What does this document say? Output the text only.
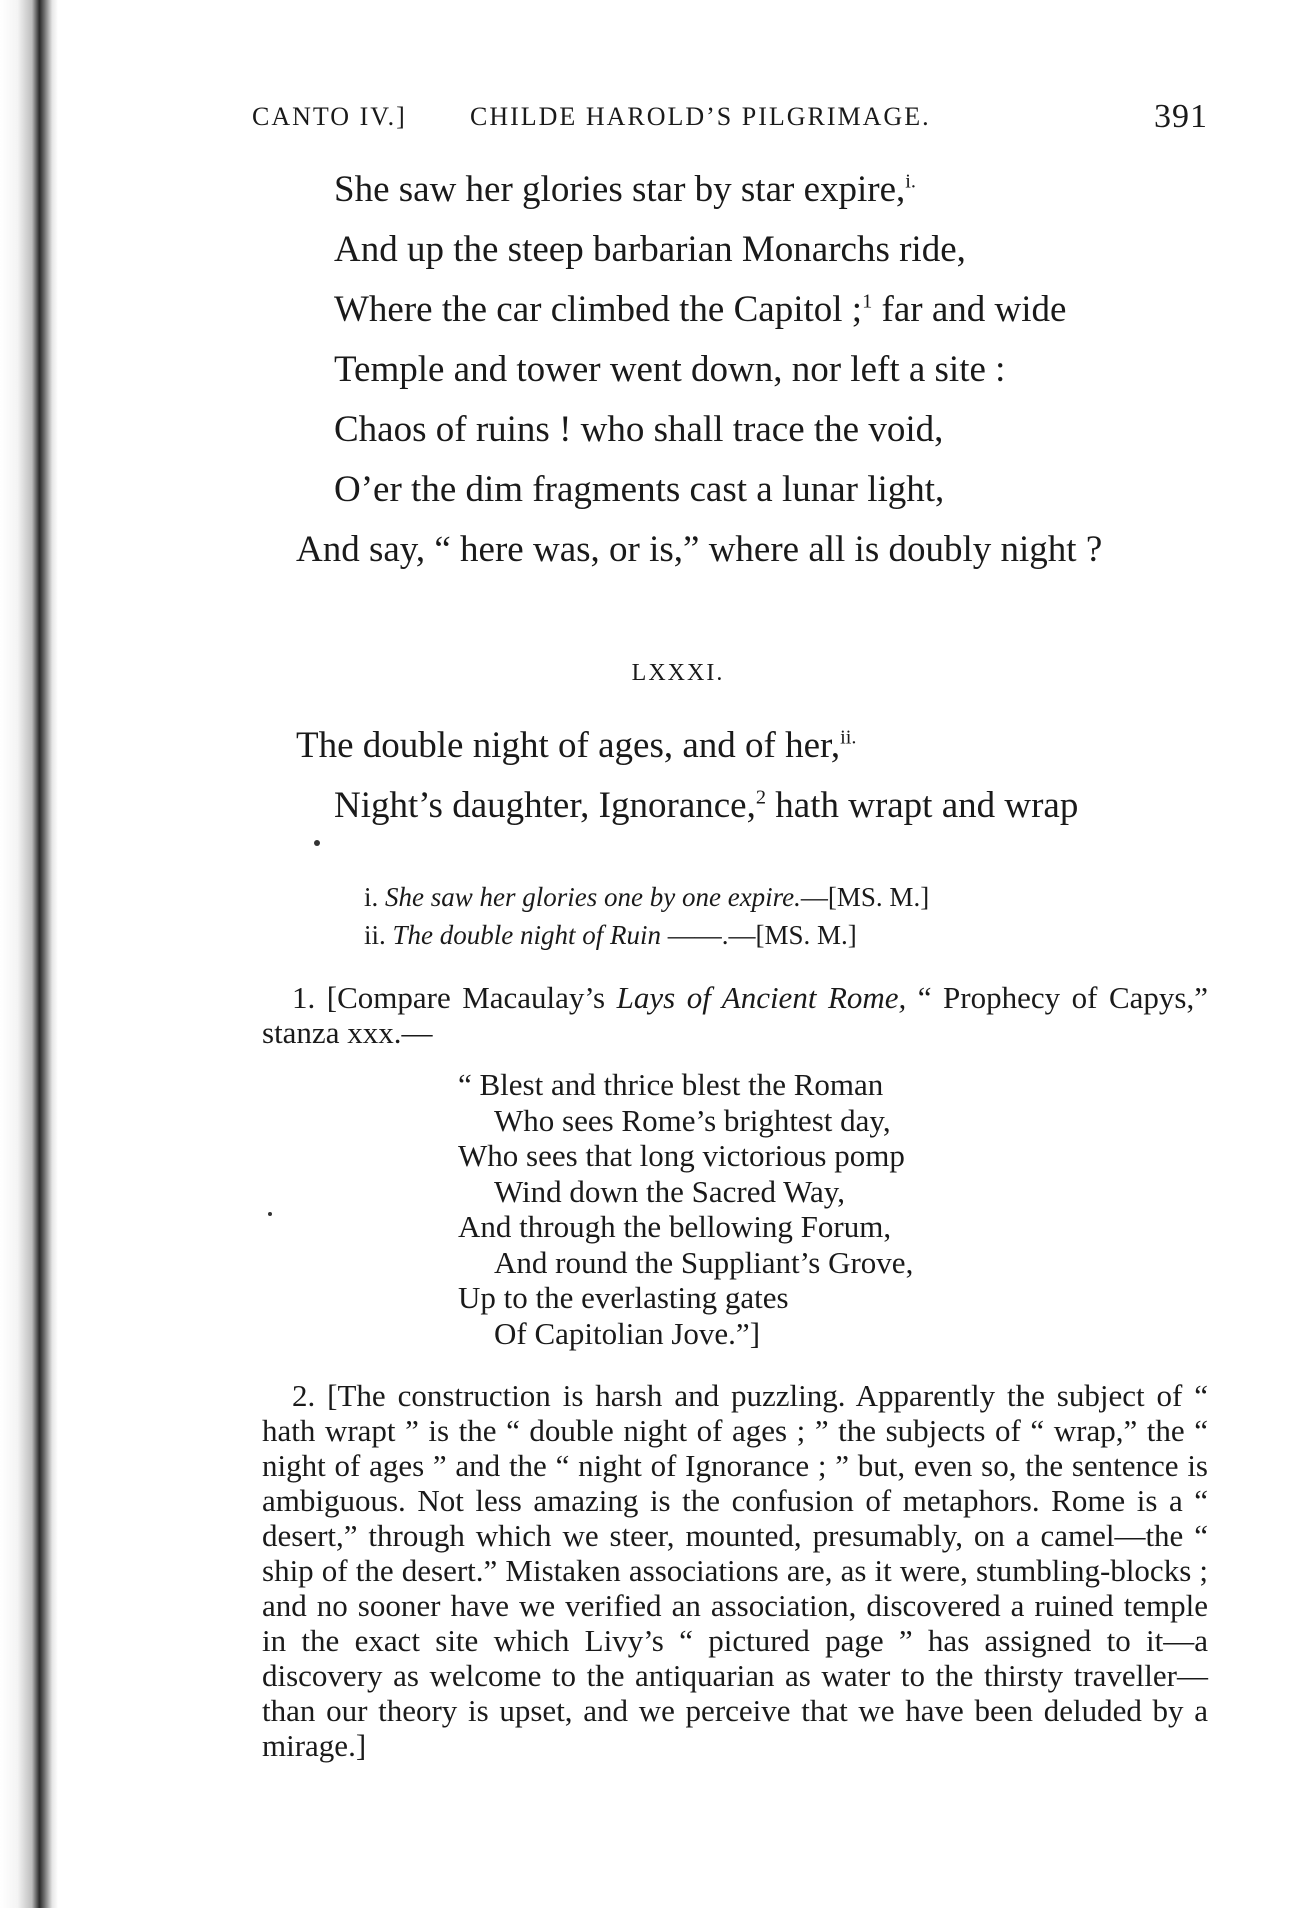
CANTO IV.] CHILDE HAROLD’S PILGRIMAGE.	391
She saw her glories star by star expire,$^{i.}$
And up the steep barbarian Monarchs ride,
Where the car climbed the Capitol ;$^1$ far and wide
Temple and tower went down, nor left a site :
Chaos of ruins ! who shall trace the void,
O’er the dim fragments cast a lunar light,
And say, “ here was, or is,” where all is doubly night ?
LXXXI.
The double night of ages, and of her,$^{ii.}$
Night’s daughter, Ignorance,$^2$ hath wrapt and wrap
i. She saw her glories one by one expire.—[MS. M.]
ii. The double night of Ruin ——.—[MS. M.]

1. [Compare Macaulay’s Lays of Ancient Rome, “ Prophecy of Capys,” stanza xxx.—

“ Blest and thrice blest the Roman
Who sees Rome’s brightest day,
Who sees that long victorious pomp
Wind down the Sacred Way,
And through the bellowing Forum,
And round the Suppliant’s Grove,
Up to the everlasting gates
Of Capitolian Jove.”]

2. [The construction is harsh and puzzling. Apparently the subject of “ hath wrapt ” is the “ double night of ages ; ” the subjects of “ wrap,” the “ night of ages ” and the “ night of Ignorance ; ” but, even so, the sentence is ambiguous. Not less amazing is the confusion of metaphors. Rome is a “ desert,” through which we steer, mounted, presumably, on a camel—the “ ship of the desert.” Mistaken associations are, as it were, stumbling-blocks ; and no sooner have we verified an association, discovered a ruined temple in the exact site which Livy’s “ pictured page ” has assigned to it—a discovery as welcome to the antiquarian as water to the thirsty traveller—than our theory is upset, and we perceive that we have been deluded by a mirage.]
